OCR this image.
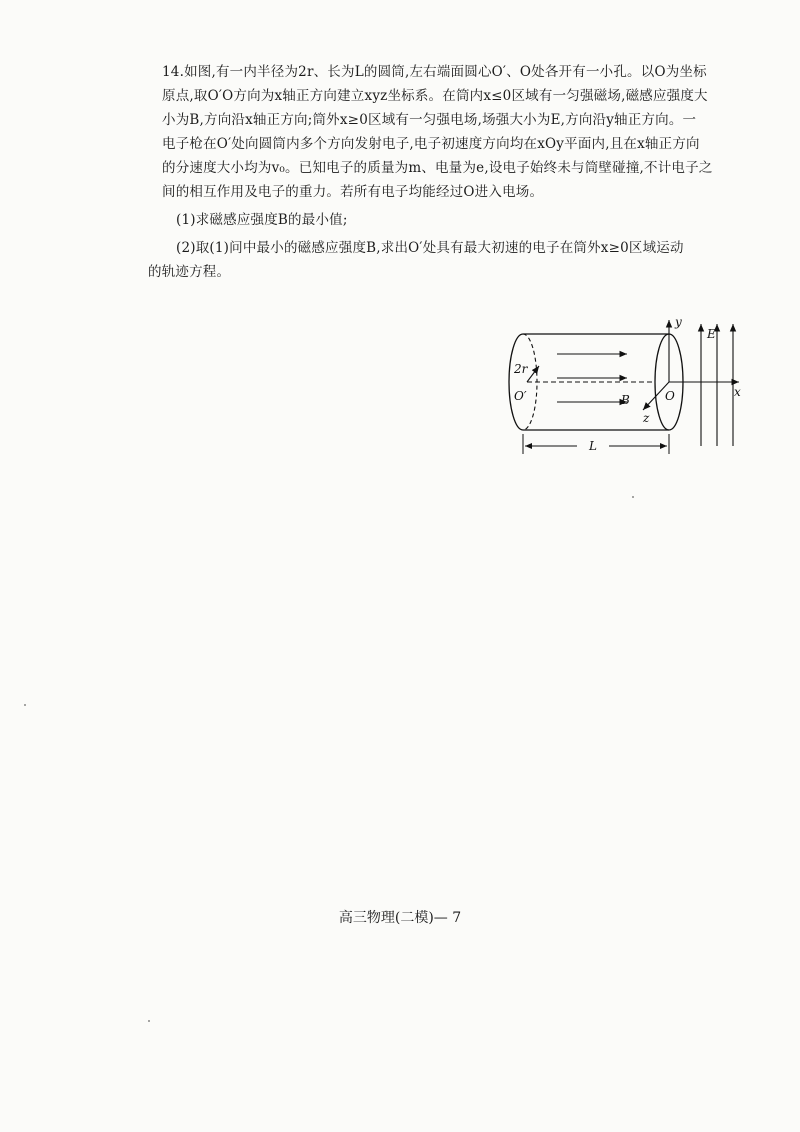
14.如图,有一内半径为2r、长为L的圆筒,左右端面圆心O′、O处各开有一小孔。以O为坐标
原点,取O′O方向为x轴正方向建立xyz坐标系。在筒内x≤0区域有一匀强磁场,磁感应强度大
小为B,方向沿x轴正方向;筒外x≥0区域有一匀强电场,场强大小为E,方向沿y轴正方向。一
电子枪在O′处向圆筒内多个方向发射电子,电子初速度方向均在xOy平面内,且在x轴正方向
的分速度大小均为v₀。已知电子的质量为m、电量为e,设电子始终未与筒壁碰撞,不计电子之
间的相互作用及电子的重力。若所有电子均能经过O进入电场。

(1)求磁感应强度B的最小值;

(2)取(1)问中最小的磁感应强度B,求出O′处具有最大初速的电子在筒外x≥0区域运动
的轨迹方程。

y
E
2r
O′	O	x
B
z
L
高三物理(二模)— 7
